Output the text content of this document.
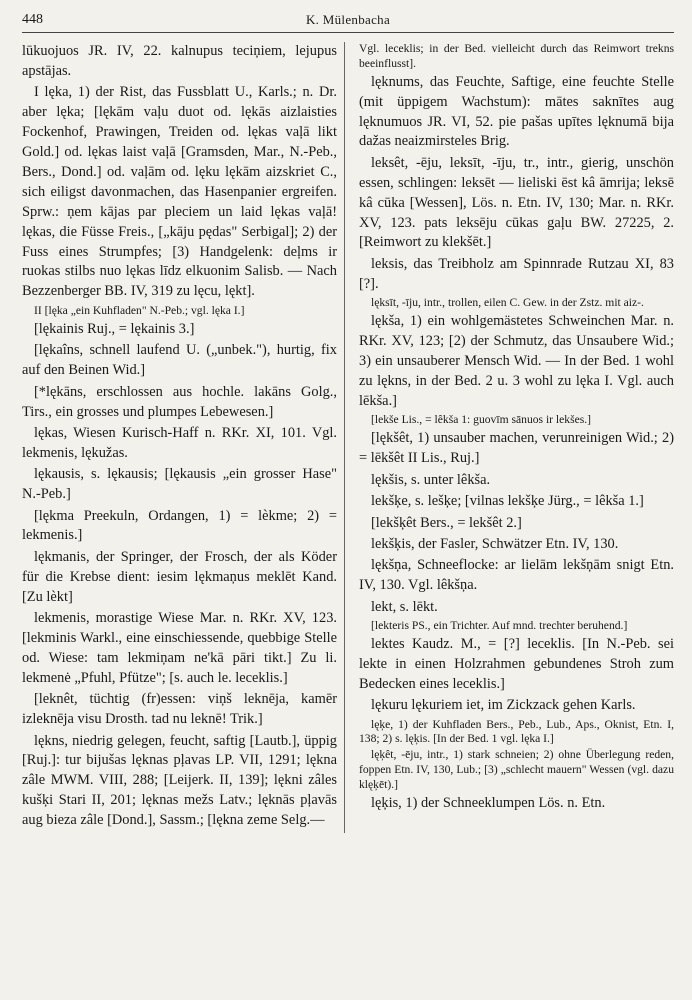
448	K. Mülenbacha

lūkuojuos JR. IV, 22. kalnupus teciņiem, lejupus apstājas.

I lęka, 1) der Rist, das Fussblatt U., Karls.; n. Dr. aber lęka; [lękām vaļu duot od. lękās aizlaisties Fockenhof, Prawingen, Treiden od. lękas vaļā likt Gold.] od. lękas laist vaļā [Gramsden, Mar., N.-Peb., Bers., Dond.] od. vaļām od. lęku lękām aizskriet C., sich eiligst davonmachen, das Hasenpanier ergreifen. Sprw.: ņem kājas par pleciem un laid lękas vaļā! lękas, die Füsse Freis., [„kāju pędas" Serbigal]; 2) der Fuss eines Strumpfes; [3) Handgelenk: deļms ir ruokas stilbs nuo lękas līdz elkuonim Salisb. — Nach Bezzenberger BB. IV, 319 zu lęcu, lękt].

II [lęka „ein Kuhfladen" N.-Peb.; vgl. lęka I.]

[lękainis Ruj., = lękainis 3.]

[lękaîns, schnell laufend U. („unbek."), hurtig, fix auf den Beinen Wid.]

[*lękāns, erschlossen aus hochle. lakāns Golg., Tirs., ein grosses und plumpes Lebewesen.]

lękas, Wiesen Kurisch-Haff n. RKr. XI, 101. Vgl. lekmenis, lękužas.

lękausis, s. lękausis; [lękausis „ein grosser Hase" N.-Peb.]

[lękma Preekuln, Ordangen, 1) = lèkme; 2) = lekmenis.]

lękmanis, der Springer, der Frosch, der als Köder für die Krebse dient: iesim lękmaņus meklēt Kand. [Zu lèkt]

lekmenis, morastige Wiese Mar. n. RKr. XV, 123. [lekminis Warkl., eine einschiessende, quebbige Stelle od. Wiese: tam lekmiņam ne'kā pāri tikt.] Zu li. lekmenė „Pfuhl, Pfütze"; [s. auch le. leceklis.]

[leknêt, tüchtig (fr)essen: viņš leknēja, kamēr izleknēja visu Drosth. tad nu leknē! Trik.]

lękns, niedrig gelegen, feucht, saftig [Lautb.], üppig [Ruj.]: tur bijušas lęknas pļavas LP. VII, 1291; lękna zâle MWM. VIII, 288; [Leijerk. II, 139]; lękni zâles kušķi Stari II, 201; lęknas mežs Latv.; lęknās pļavās aug bieza zâle [Dond.], Sassm.; [lękna zeme Selg.—

Vgl. leceklis; in der Bed. vielleicht durch das Reimwort trekns beeinflusst].

lęknums, das Feuchte, Saftige, eine feuchte Stelle (mit üppigem Wachstum): mātes saknītes aug lęknumuos JR. VI, 52. pie pašas upītes lęknumā bija dažas neaizmirsteles Brig.

leksêt, -ēju, leksīt, -īju, tr., intr., gierig, unschön essen, schlingen: leksēt — lieliski ēst kâ āmrija; leksē kâ cūka [Wessen], Lös. n. Etn. IV, 130; Mar. n. RKr. XV, 123. pats leksēju cūkas gaļu BW. 27225, 2. [Reimwort zu klekšēt.]

leksis, das Treibholz am Spinnrade Rutzau XI, 83 [?].

lęksīt, -īju, intr., trollen, eilen C. Gew. in der Zstz. mit aiz-.

lękša, 1) ein wohlgemästetes Schweinchen Mar. n. RKr. XV, 123; [2) der Schmutz, das Unsaubere Wid.; 3) ein unsauberer Mensch Wid. — In der Bed. 1 wohl zu lękns, in der Bed. 2 u. 3 wohl zu lęka I. Vgl. auch lēkša.]

[lekše Lis., = lêkša 1: guovīm sānuos ir lekšes.]

[lękšêt, 1) unsauber machen, verunreinigen Wid.; 2) = lēkšêt II Lis., Ruj.]

lękšis, s. unter lêkša.

lekšķe, s. lešķe; [vilnas lekšķe Jürg., = lêkša 1.]

[lekšķêt Bers., = lekšêt 2.]

lekšķis, der Fasler, Schwätzer Etn. IV, 130.

lękšņa, Schneeflocke: ar lielām lekšņām snigt Etn. IV, 130. Vgl. lêkšņa.

lekt, s. lēkt.

[lekteris PS., ein Trichter. Auf mnd. trechter beruhend.]

lektes Kaudz. M., = [?] leceklis. [In N.-Peb. sei lekte in einen Holzrahmen gebundenes Stroh zum Bedecken eines leceklis.]

lękuru lękuriem iet, im Zickzack gehen Karls.

lęķe, 1) der Kuhfladen Bers., Peb., Lub., Aps., Oknist, Etn. I, 138; 2) s. lęķis. [In der Bed. 1 vgl. lęka I.]

lęķêt, -ēju, intr., 1) stark schneien; 2) ohne Überlegung reden, foppen Etn. IV, 130, Lub.; [3) „schlecht mauern" Wessen (vgl. dazu klęķēt).]

lęķis, 1) der Schneeklumpen Lös. n. Etn.
